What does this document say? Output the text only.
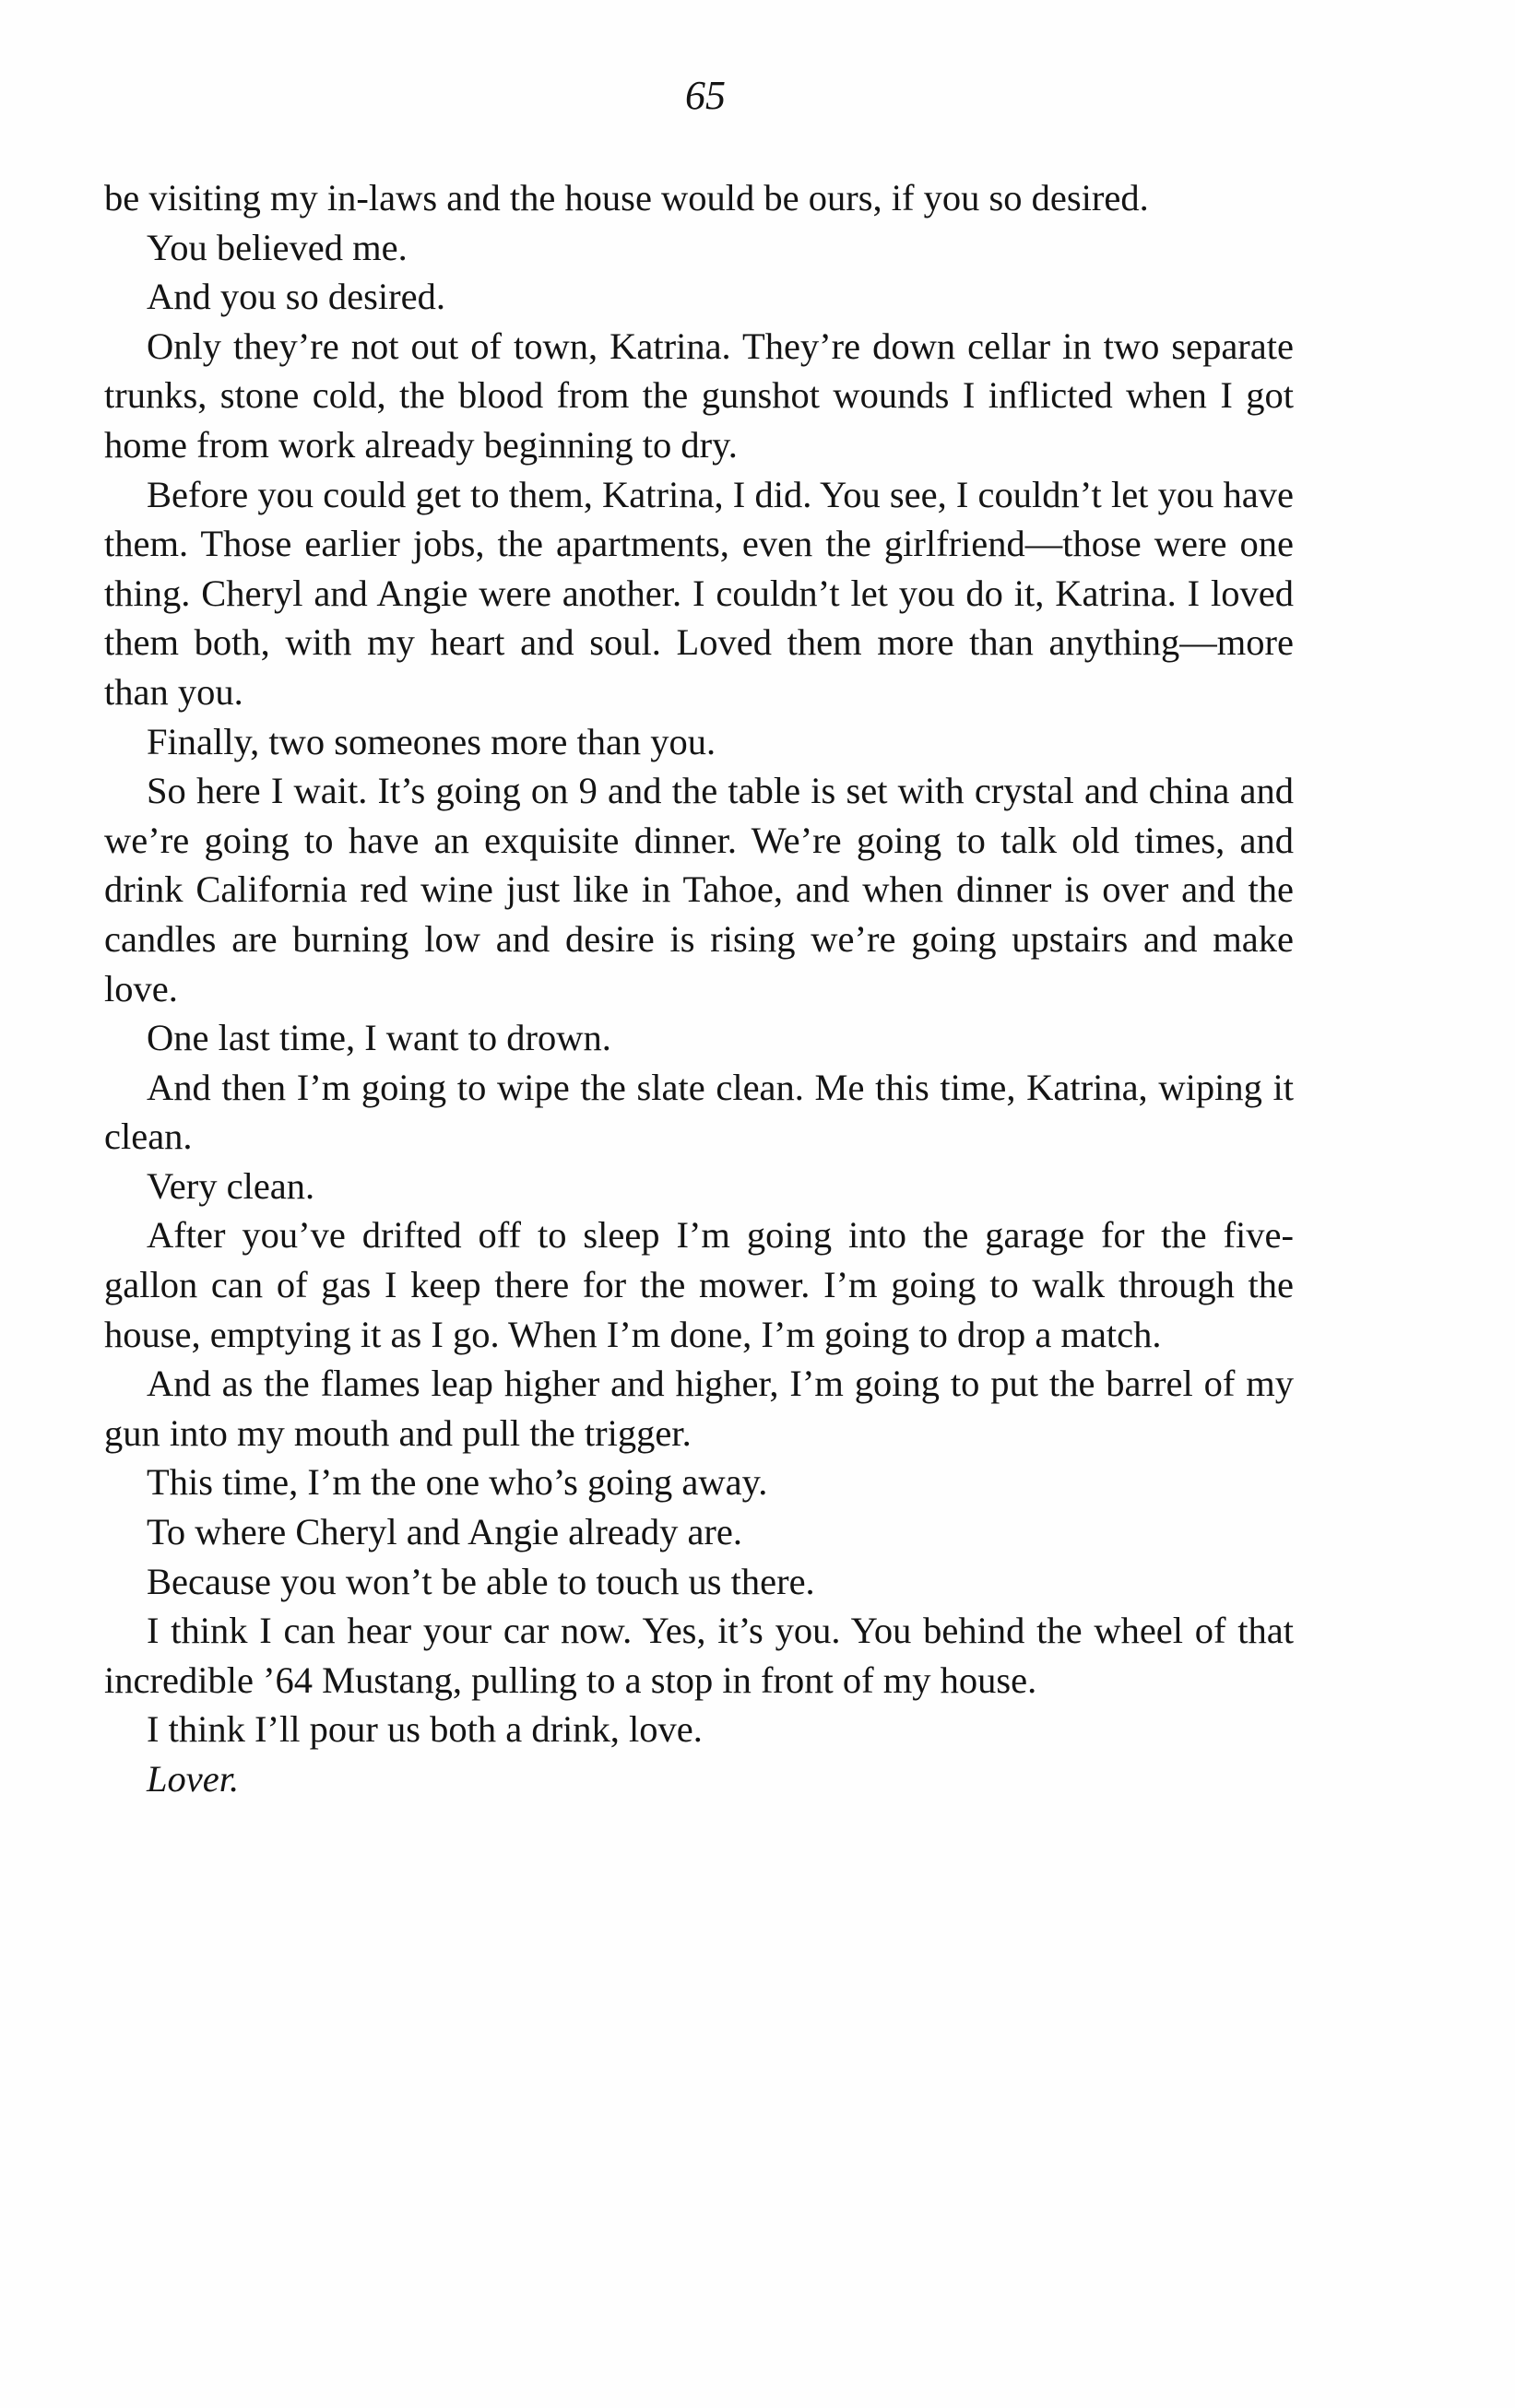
65

be visiting my in-laws and the house would be ours, if you so desired.

You believed me.

And you so desired.

Only they’re not out of town, Katrina. They’re down cellar in two separate trunks, stone cold, the blood from the gunshot wounds I inflicted when I got home from work already beginning to dry.

Before you could get to them, Katrina, I did. You see, I couldn’t let you have them. Those earlier jobs, the apartments, even the girlfriend—those were one thing. Cheryl and Angie were another. I couldn’t let you do it, Katrina. I loved them both, with my heart and soul. Loved them more than anything—more than you.

Finally, two someones more than you.

So here I wait. It’s going on 9 and the table is set with crystal and china and we’re going to have an exquisite dinner. We’re going to talk old times, and drink California red wine just like in Tahoe, and when dinner is over and the candles are burning low and desire is rising we’re going upstairs and make love.

One last time, I want to drown.

And then I’m going to wipe the slate clean. Me this time, Katrina, wiping it clean.

Very clean.

After you’ve drifted off to sleep I’m going into the garage for the five-gallon can of gas I keep there for the mower. I’m going to walk through the house, emptying it as I go. When I’m done, I’m going to drop a match.

And as the flames leap higher and higher, I’m going to put the barrel of my gun into my mouth and pull the trigger.

This time, I’m the one who’s going away.

To where Cheryl and Angie already are.

Because you won’t be able to touch us there.

I think I can hear your car now. Yes, it’s you. You behind the wheel of that incredible ’64 Mustang, pulling to a stop in front of my house.

I think I’ll pour us both a drink, love.

Lover.
